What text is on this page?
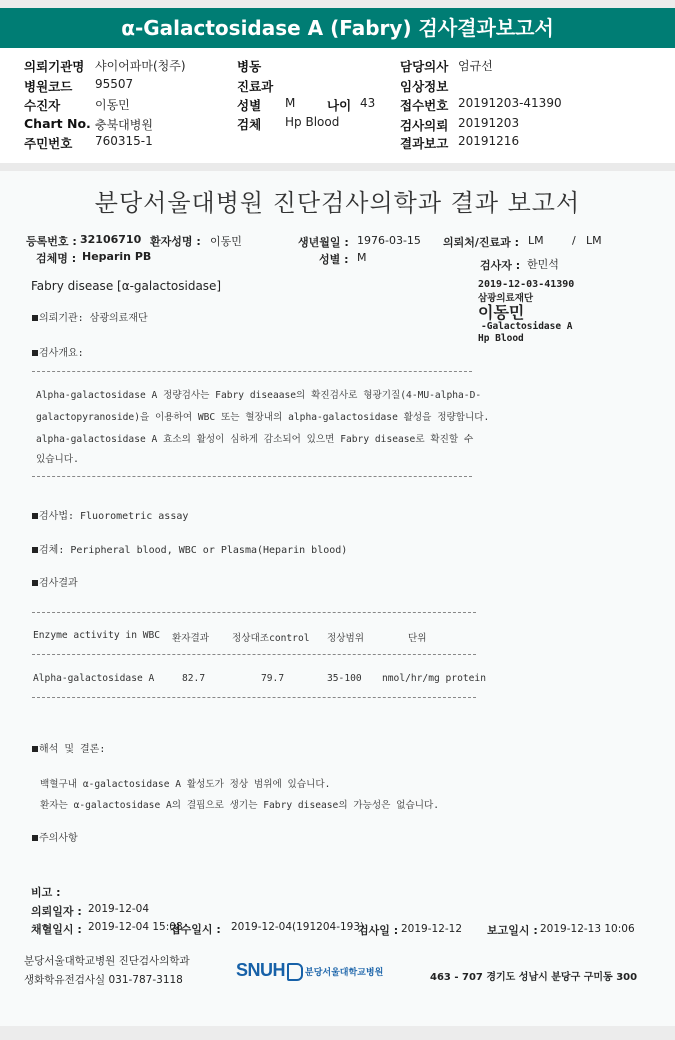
α-Galactosidase A (Fabry) 검사결과보고서
의뢰기관명 샤이어파마(청주)
병원코드 95507
수진자	이동민
Chart No. 충북대병원
주민번호 760315-1
병동
진료과
성별 M	나이 43
검체 Hp Blood
담당의사 엄규선
임상정보
접수번호 20191203-41390
검사의뢰 20191203
결과보고 20191216
분당서울대병원 진단검사의학과 결과 보고서
등록번호 : 32106710 환자성명 : 이동민	생년월일 : 1976-03-15 의뢰처/진료과 : LM	/ LM
검체명 : Heparin PB	성별 : M
검사자 : 한민석
Fabry disease [α-galactosidase]	2019-12-03-41390
삼광의료재단
이동민
-Galactosidase A
Hp Blood
의뢰기관: 삼광의료재단
검사개요:
Alpha-galactosidase A 정량검사는 Fabry diseaase의 확진검사로 형광기질(4-MU-alpha-D-
galactopyranoside)을 이용하여 WBC 또는 혈장내의 alpha-galactosidase 활성을 정량합니다.
alpha-galactosidase A 효소의 활성이 심하게 감소되어 있으면 Fabry disease로 확진할 수
있습니다.
검사법: Fluorometric assay
검체: Peripheral blood, WBC or Plasma(Heparin blood)
검사결과
Enzyme activity in WBC 환자결과 정상대조control 정상범위	단위
Alpha-galactosidase A	82.7	79.7	35-100 nmol/hr/mg protein
해석 및 결론:
백혈구내 α-galactosidase A 활성도가 정상 범위에 있습니다.
환자는 α-galactosidase A의 결핍으로 생기는 Fabry disease의 가능성은 없습니다.
주의사항
비고 :
의뢰일자 : 2019-12-04
채혈일시 : 2019-12-04 15:08
접수일시 : 2019-12-04(191204-193)
검사일 : 2019-12-12 보고일시 : 2019-12-13 10:06
분당서울대학교병원 진단검사의학과
생화학유전검사실 031-787-3118	SNUH 분당서울대학교병원	463 - 707 경기도 성남시 분당구 구미동 300
